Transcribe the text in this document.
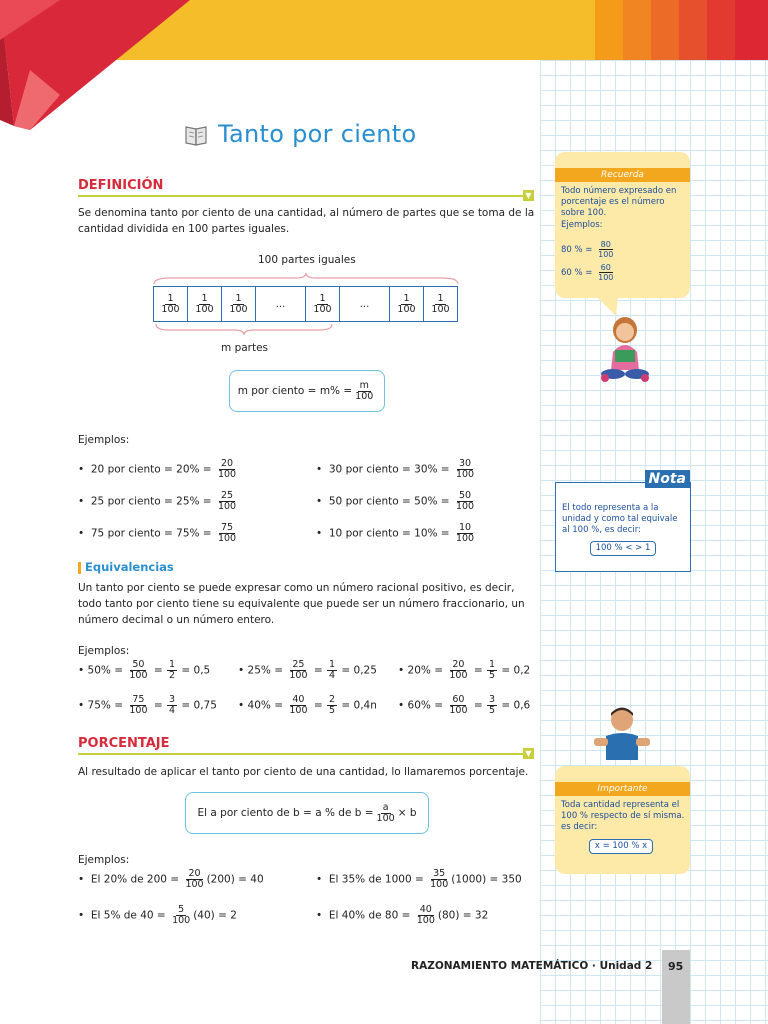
Tanto por ciento
DEFINICIÓN
▼
Se denomina tanto por ciento de una cantidad, al número de partes que se toma de la cantidad dividida en 100 partes iguales.
100 partes iguales
$\frac{1}{100} \frac{1}{100} \frac{1}{100}$	...	$\frac{1}{100}$	...	$\frac{1}{100} \frac{1}{100}$
m partes
m por ciento = $m\% = \frac{m}{100}$
Ejemplos:
•  20 por ciento = $20\% = \frac{20}{100}$	•  30 por ciento = $30\% = \frac{30}{100}$
•  25 por ciento = $25\% = \frac{25}{100}$	•  50 por ciento = $50\% = \frac{50}{100}$
•  75 por ciento = $75\% = \frac{75}{100}$	•  10 por ciento = $10\% = \frac{10}{100}$
Equivalencias
Un tanto por ciento se puede expresar como un número racional positivo, es decir, todo tanto por ciento tiene su equivalente que puede ser un número fraccionario, un número decimal o un número entero.
Ejemplos:
• $50\% = \frac{50}{100} = \frac{1}{2} = 0,5$	• $25\% = \frac{25}{100} = \frac{1}{4} = 0,25$ • $20\% = \frac{20}{100} = \frac{1}{5} = 0,2$
• $75\% = \frac{75}{100} = \frac{3}{4} = 0,75$ • $40\% = \frac{40}{100} = \frac{2}{5} = 0,4n$ • $60\% = \frac{60}{100} = \frac{3}{5} = 0,6$
PORCENTAJE
▼
Al resultado de aplicar el tanto por ciento de una cantidad, lo llamaremos porcentaje.
El a por ciento de b = a % de $b = \frac{a}{100} \times b$
Ejemplos:
•  El 20% de $200 = \frac{20}{100} (200) = 40$	•  El 35% de $1000 = \frac{35}{100} (1000) = 350$
•  El 5% de $40 = \frac{5}{100} (40) = 2$	•  El 40% de $80 = \frac{40}{100} (80) = 32$
Recuerda
Todo número expresado en porcentaje es el número sobre 100.
Ejemplos:
80 % = $\frac{80}{100}$
60 % = $\frac{60}{100}$
Nota
El todo representa a la unidad y como tal equivale al 100 %, es decir:
100 % < > 1
Importante
Toda cantidad representa el 100 % respecto de sí misma. es decir:
x = 100 % x
RAZONAMIENTO MATEMÁTICO · Unidad 2 95
